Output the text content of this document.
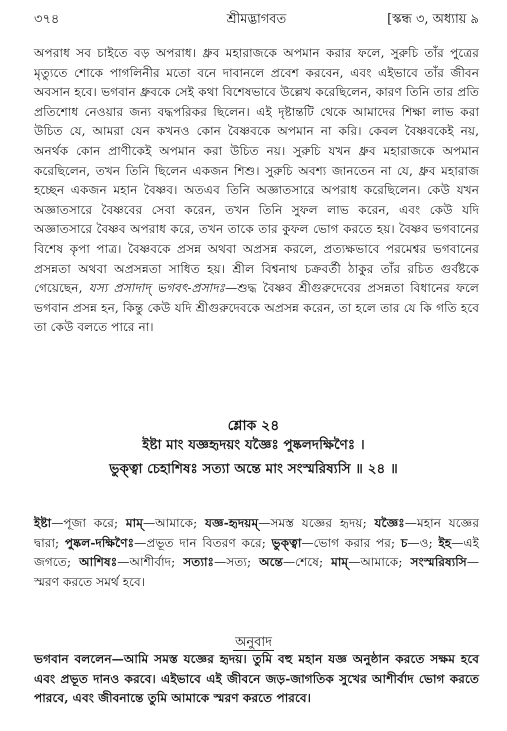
৩৭৪	শ্রীমদ্ভাগবত	[স্কন্ধ ৩, অধ্যায় ৯

অপরাধ সব চাইতে বড় অপরাধ। ধ্রুব মহারাজকে অপমান করার ফলে, সুরুচি তাঁর পুত্রের মৃত্যুতে শোকে পাগলিনীর মতো বনে দাবানলে প্রবেশ করবেন, এবং এইভাবে তাঁর জীবন অবসান হবে। ভগবান ধ্রুবকে সেই কথা বিশেষভাবে উল্লেখ করেছিলেন, কারণ তিনি তার প্রতি প্রতিশোধ নেওয়ার জন্য বদ্ধপরিকর ছিলেন। এই দৃষ্টান্তটি থেকে আমাদের শিক্ষা লাভ করা উচিত যে, আমরা যেন কখনও কোন বৈষ্ণবকে অপমান না করি। কেবল বৈষ্ণবকেই নয়, অনর্থক কোন প্রাণীকেই অপমান করা উচিত নয়। সুরুচি যখন ধ্রুব মহারাজকে অপমান করেছিলেন, তখন তিনি ছিলেন একজন শিশু। সুরুচি অবশ্য জানতেন না যে, ধ্রুব মহারাজ হচ্ছেন একজন মহান বৈষ্ণব। অতএব তিনি অজ্ঞাতসারে অপরাধ করেছিলেন। কেউ যখন অজ্ঞাতসারে বৈষ্ণবের সেবা করেন, তখন তিনি সুফল লাভ করেন, এবং কেউ যদি অজ্ঞাতসারে বৈষ্ণব অপরাধ করে, তখন তাকে তার কুফল ভোগ করতে হয়। বৈষ্ণব ভগবানের বিশেষ কৃপা পাত্র। বৈষ্ণবকে প্রসন্ন অথবা অপ্রসন্ন করলে, প্রত্যক্ষভাবে পরমেশ্বর ভগবানের প্রসন্নতা অথবা অপ্রসন্নতা সাধিত হয়। শ্রীল বিশ্বনাথ চক্রবর্তী ঠাকুর তাঁর রচিত গুর্বষ্টকে গেয়েছেন, যস্য প্রসাদাদ্ ভগবৎ-প্রসাদঃ—শুদ্ধ বৈষ্ণব শ্রীগুরুদেবের প্রসন্নতা বিধানের ফলে ভগবান প্রসন্ন হন, কিন্তু কেউ যদি শ্রীগুরুদেবকে অপ্রসন্ন করেন, তা হলে তার যে কি গতি হবে তা কেউ বলতে পারে না।

শ্লোক ২৪
ইষ্টা মাং যজ্ঞহৃদয়ং যজ্ঞৈঃ পুষ্কলদক্ষিণৈঃ ।
ভুক্ত্বা চেহাশিষঃ সত্যা অন্তে মাং সংস্মরিষ্যসি ॥ ২৪ ॥

ইষ্টা—পূজা করে; মাম্—আমাকে; যজ্ঞ-হৃদয়ম্—সমস্ত যজ্ঞের হৃদয়; যজ্ঞৈঃ—মহান যজ্ঞের দ্বারা; পুষ্কল-দক্ষিণৈঃ—প্রভূত দান বিতরণ করে; ভুক্ত্বা—ভোগ করার পর; চ—ও; ইহ—এই জগতে; আশিষঃ—আশীর্বাদ; সত্যাঃ—সত্য; অন্তে—শেষে; মাম্—আমাকে; সংস্মরিষ্যসি—স্মরণ করতে সমর্থ হবে।

অনুবাদ

ভগবান বললেন—আমি সমস্ত যজ্ঞের হৃদয়। তুমি বহু মহান যজ্ঞ অনুষ্ঠান করতে সক্ষম হবে এবং প্রভূত দানও করবে। এইভাবে এই জীবনে জড়-জাগতিক সুখের আশীর্বাদ ভোগ করতে পারবে, এবং জীবনান্তে তুমি আমাকে স্মরণ করতে পারবে।
